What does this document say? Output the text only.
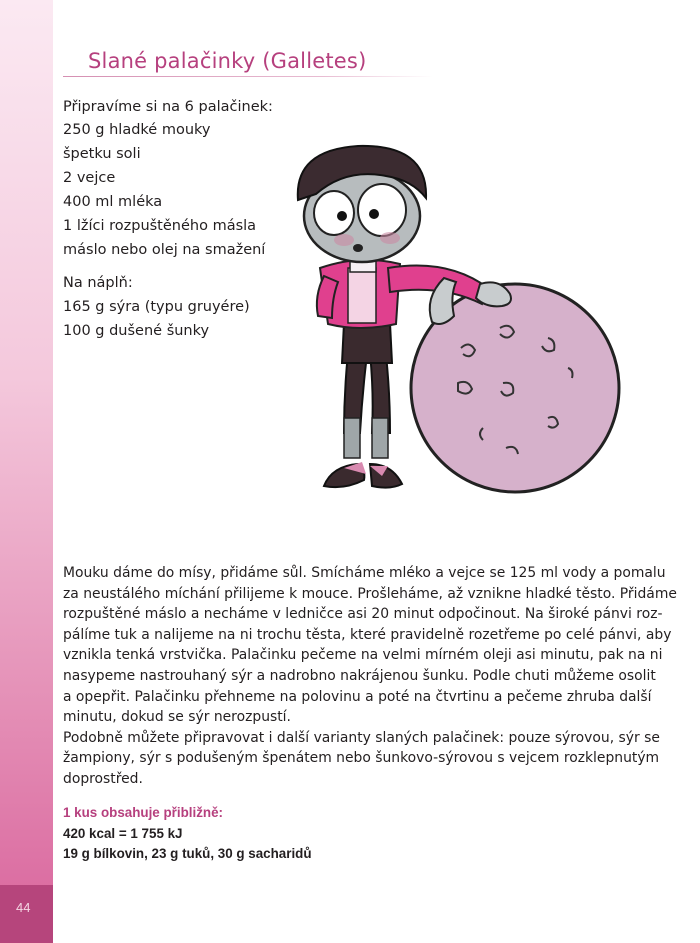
44
Slané palačinky (Galletes)
Připravíme si na 6 palačinek:
250 g hladké mouky
špetku soli
2 vejce
400 ml mléka
1 lžíci rozpuštěného másla
máslo nebo olej na smažení
Na náplň:
165 g sýra (typu gruyére)
100 g dušené šunky
Mouku dáme do mísy, přidáme sůl. Smícháme mléko a vejce se 125 ml vody a pomalu
za neustálého míchání přilijeme k mouce. Prošleháme, až vznikne hladké těsto. Přidáme
rozpuštěné máslo a necháme v ledničce asi 20 minut odpočinout. Na široké pánvi roz-
pálíme tuk a nalijeme na ni trochu těsta, které pravidelně rozetřeme po celé pánvi, aby
vznikla tenká vrstvička. Palačinku pečeme na velmi mírném oleji asi minutu, pak na ni
nasypeme nastrouhaný sýr a nadrobno nakrájenou šunku. Podle chuti můžeme osolit
a opepřit. Palačinku přehneme na polovinu a poté na čtvrtinu a pečeme zhruba další
minutu, dokud se sýr nerozpustí.
Podobně můžete připravovat i další varianty slaných palačinek: pouze sýrovou, sýr se
žampiony, sýr s podušeným špenátem nebo šunkovo-sýrovou s vejcem rozklepnutým
doprostřed.
1 kus obsahuje přibližně:
420 kcal = 1 755 kJ
19 g bílkovin, 23 g tuků, 30 g sacharidů
